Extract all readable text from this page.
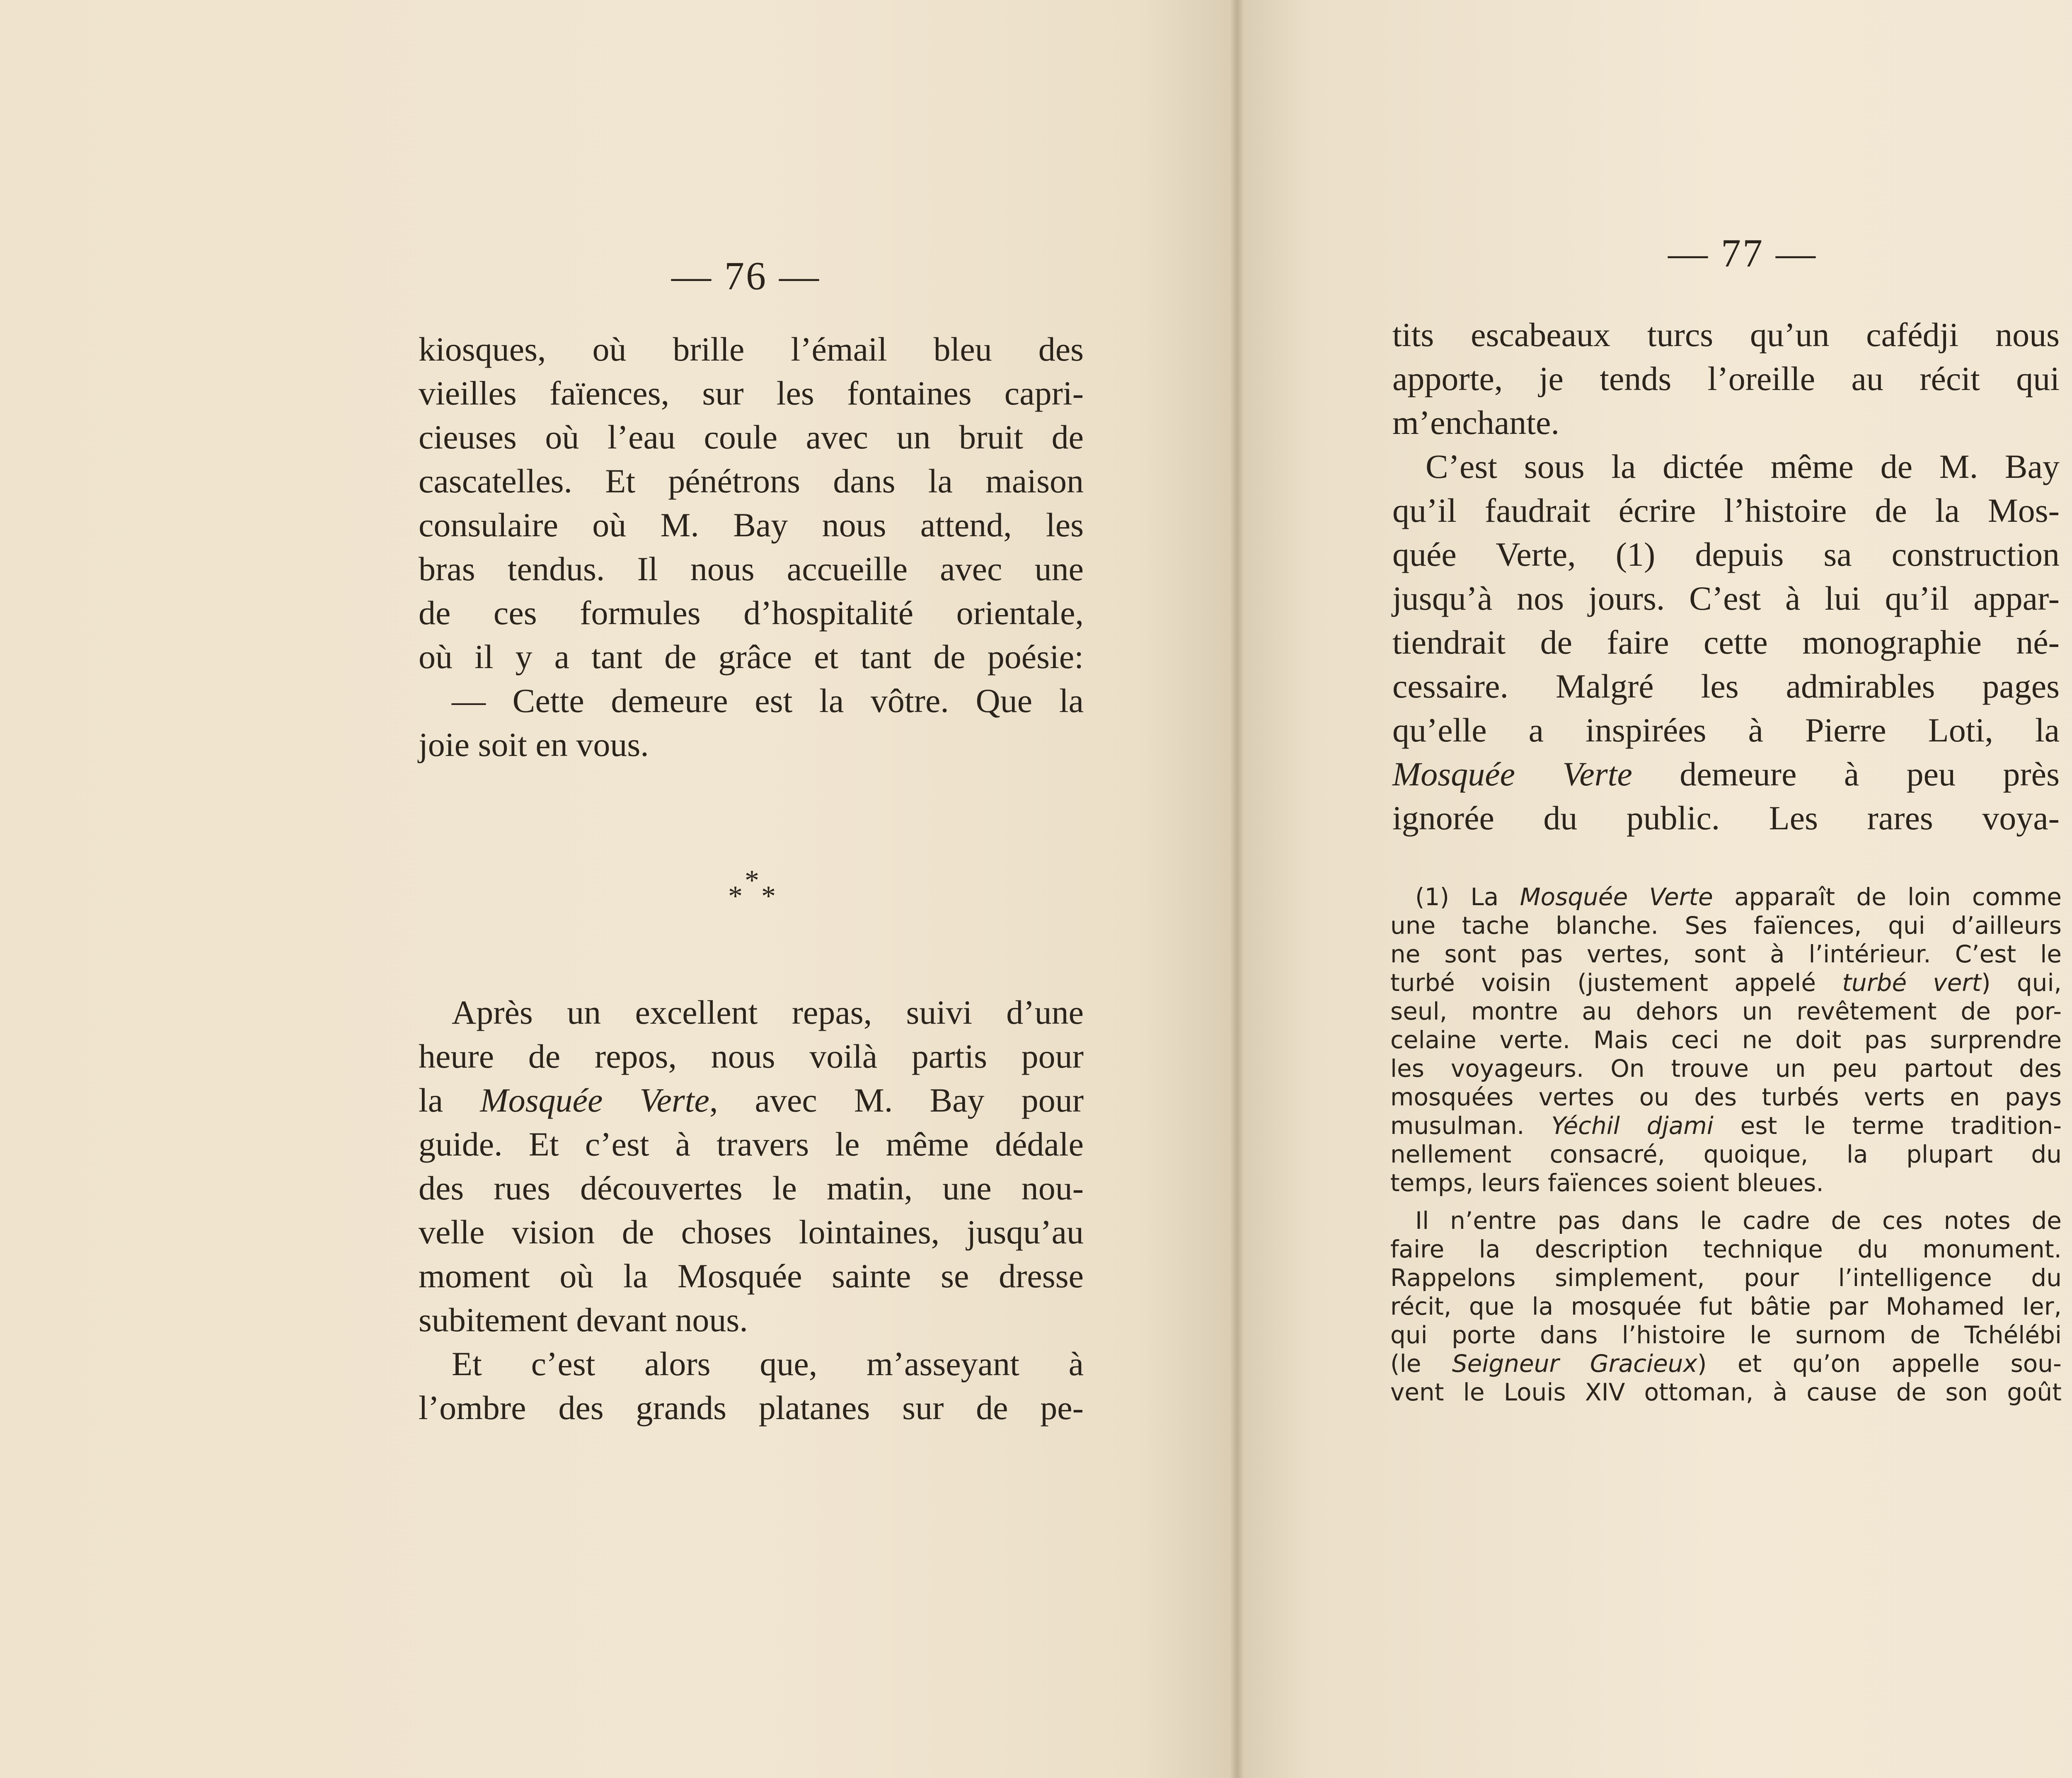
— 76 —
kiosques, où brille l’émail bleu des
vieilles faïences, sur les fontaines capri-
cieuses où l’eau coule avec un bruit de
cascatelles. Et pénétrons dans la maison
consulaire où M. Bay nous attend, les
bras tendus. Il nous accueille avec une
de ces formules d’hospitalité orientale,
où il y a tant de grâce et tant de poésie:
— Cette demeure est la vôtre. Que la
joie soit en vous.
*
* *
Après un excellent repas, suivi d’une
heure de repos, nous voilà partis pour
la Mosquée Verte, avec M. Bay pour
guide. Et c’est à travers le même dédale
des rues découvertes le matin, une nou-
velle vision de choses lointaines, jusqu’au
moment où la Mosquée sainte se dresse
subitement devant nous.
Et c’est alors que, m’asseyant à
l’ombre des grands platanes sur de pe-
— 77 —
tits escabeaux turcs qu’un cafédji nous
apporte, je tends l’oreille au récit qui
m’enchante.
C’est sous la dictée même de M. Bay
qu’il faudrait écrire l’histoire de la Mos-
quée Verte, (1) depuis sa construction
jusqu’à nos jours. C’est à lui qu’il appar-
tiendrait de faire cette monographie né-
cessaire. Malgré les admirables pages
qu’elle a inspirées à Pierre Loti, la
Mosquée Verte demeure à peu près
ignorée du public. Les rares voya-
(1) La Mosquée Verte apparaît de loin comme
une tache blanche. Ses faïences, qui d’ailleurs
ne sont pas vertes, sont à l’intérieur. C’est le
turbé voisin (justement appelé turbé vert) qui,
seul, montre au dehors un revêtement de por-
celaine verte. Mais ceci ne doit pas surprendre
les voyageurs. On trouve un peu partout des
mosquées vertes ou des turbés verts en pays
musulman. Yéchil djami est le terme tradition-
nellement consacré, quoique, la plupart du
temps, leurs faïences soient bleues.
Il n’entre pas dans le cadre de ces notes de
faire la description technique du monument.
Rappelons simplement, pour l’intelligence du
récit, que la mosquée fut bâtie par Mohamed Ier,
qui porte dans l’histoire le surnom de Tchélébi
(le Seigneur Gracieux) et qu’on appelle sou-
vent le Louis XIV ottoman, à cause de son goût
